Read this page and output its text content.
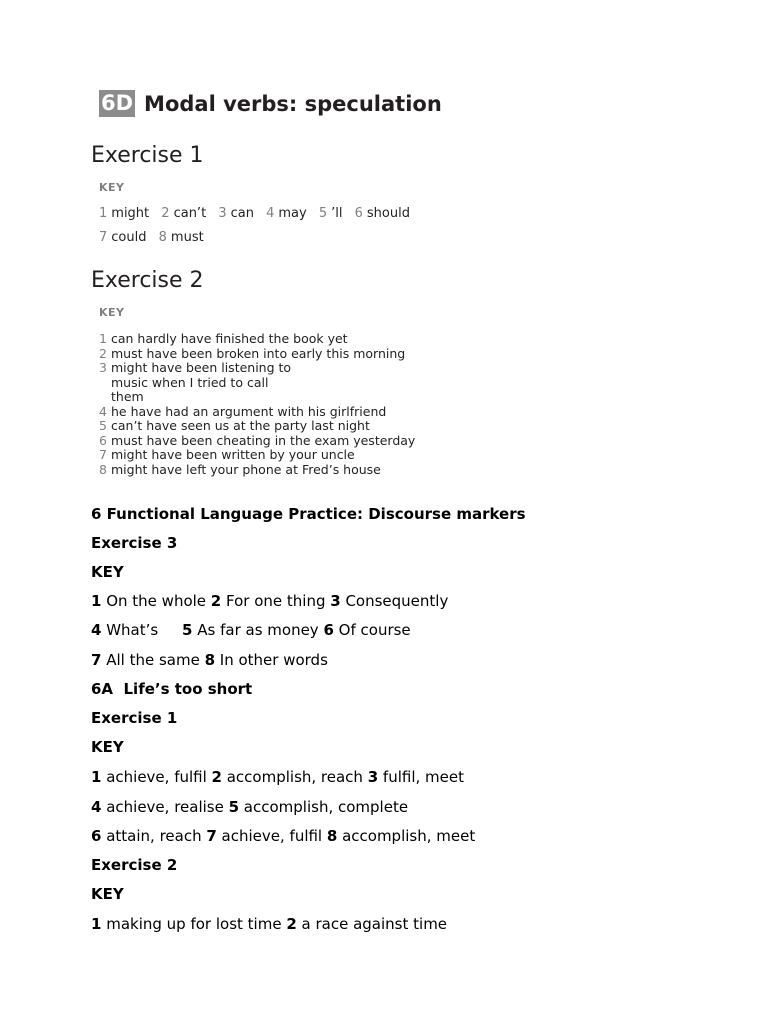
6D Modal verbs: speculation
Exercise 1
KEY
1 might 2 can’t 3 can 4 may 5 ’ll 6 should
7 could 8 must
Exercise 2
KEY
1 can hardly have finished the book yet
2 must have been broken into early this morning
3 might have been listening to
music when I tried to call
them
4 he have had an argument with his girlfriend
5 can’t have seen us at the party last night
6 must have been cheating in the exam yesterday
7 might have been written by your uncle
8 might have left your phone at Fred’s house
6 Functional Language Practice: Discourse markers
Exercise 3
KEY
1 On the whole 2 For one thing 3 Consequently
4 What’s     5 As far as money 6 Of course
7 All the same 8 In other words
6A  Life’s too short
Exercise 1
KEY
1 achieve, fulfil 2 accomplish, reach 3 fulfil, meet
4 achieve, realise 5 accomplish, complete
6 attain, reach 7 achieve, fulfil 8 accomplish, meet
Exercise 2
KEY
1 making up for lost time 2 a race against time
